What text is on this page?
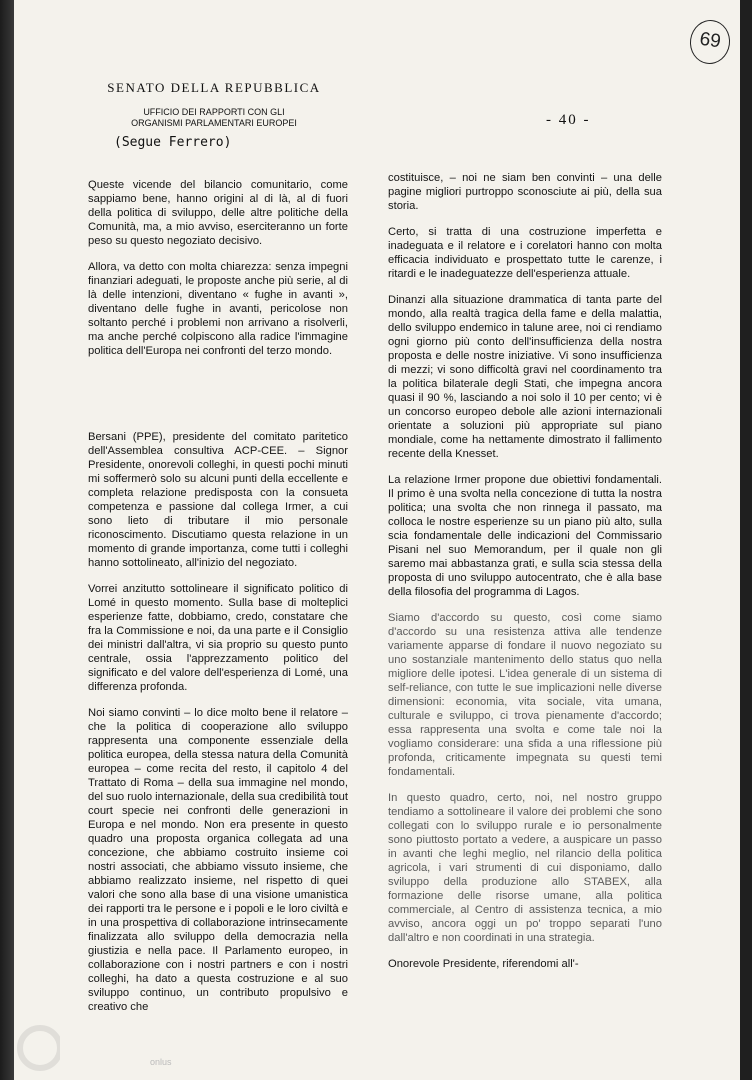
69
SENATO DELLA REPUBBLICA
UFFICIO DEI RAPPORTI CON GLI
ORGANISMI PARLAMENTARI EUROPEI
(Segue Ferrero)
- 40 -

Queste vicende del bilancio comunitario, come sappiamo bene, hanno origini al di là, al di fuori della politica di sviluppo, delle altre politiche della Comunità, ma, a mio avviso, eserciteranno un forte peso su questo negoziato decisivo.

Allora, va detto con molta chiarezza: senza impegni finanziari adeguati, le proposte anche più serie, al di là delle intenzioni, diventano « fughe in avanti », diventano delle fughe in avanti, pericolose non soltanto perché i problemi non arrivano a risolverli, ma anche perché colpiscono alla radice l'immagine politica dell'Europa nei confronti del terzo mondo.

Bersani (PPE), presidente del comitato paritetico dell'Assemblea consultiva ACP-CEE. – Signor Presidente, onorevoli colleghi, in questi pochi minuti mi soffermerò solo su alcuni punti della eccellente e completa relazione predisposta con la consueta competenza e passione dal collega Irmer, a cui sono lieto di tributare il mio personale riconoscimento. Discutiamo questa relazione in un momento di grande importanza, come tutti i colleghi hanno sottolineato, all'inizio del negoziato.

Vorrei anzitutto sottolineare il significato politico di Lomé in questo momento. Sulla base di molteplici esperienze fatte, dobbiamo, credo, constatare che fra la Commissione e noi, da una parte e il Consiglio dei ministri dall'altra, vi sia proprio su questo punto centrale, ossia l'apprezzamento politico del significato e del valore dell'esperienza di Lomé, una differenza profonda.

Noi siamo convinti – lo dice molto bene il relatore – che la politica di cooperazione allo sviluppo rappresenta una componente essenziale della politica europea, della stessa natura della Comunità europea – come recita del resto, il capitolo 4 del Trattato di Roma – della sua immagine nel mondo, del suo ruolo internazionale, della sua credibilità tout court specie nei confronti delle generazioni in Europa e nel mondo. Non era presente in questo quadro una proposta organica collegata ad una concezione, che abbiamo costruito insieme coi nostri associati, che abbiamo vissuto insieme, che abbiamo realizzato insieme, nel rispetto di quei valori che sono alla base di una visione umanistica dei rapporti tra le persone e i popoli e le loro civiltà e in una prospettiva di collaborazione intrinsecamente finalizzata allo sviluppo della democrazia nella giustizia e nella pace. Il Parlamento europeo, in collaborazione con i nostri partners e con i nostri colleghi, ha dato a questa costruzione e al suo sviluppo continuo, un contributo propulsivo e creativo che

costituisce, – noi ne siam ben convinti – una delle pagine migliori purtroppo sconosciute ai più, della sua storia.

Certo, si tratta di una costruzione imperfetta e inadeguata e il relatore e i corelatori hanno con molta efficacia individuato e prospettato tutte le carenze, i ritardi e le inadeguatezze dell'esperienza attuale.

Dinanzi alla situazione drammatica di tanta parte del mondo, alla realtà tragica della fame e della malattia, dello sviluppo endemico in talune aree, noi ci rendiamo ogni giorno più conto dell'insufficienza della nostra proposta e delle nostre iniziative. Vi sono insufficienza di mezzi; vi sono difficoltà gravi nel coordinamento tra la politica bilaterale degli Stati, che impegna ancora quasi il 90 %, lasciando a noi solo il 10 per cento; vi è un concorso europeo debole alle azioni internazionali orientate a soluzioni più appropriate sul piano mondiale, come ha nettamente dimostrato il fallimento recente della Knesset.

La relazione Irmer propone due obiettivi fondamentali. Il primo è una svolta nella concezione di tutta la nostra politica; una svolta che non rinnega il passato, ma colloca le nostre esperienze su un piano più alto, sulla scia fondamentale delle indicazioni del Commissario Pisani nel suo Memorandum, per il quale non gli saremo mai abbastanza grati, e sulla scia stessa della proposta di uno sviluppo autocentrato, che è alla base della filosofia del programma di Lagos.

Siamo d'accordo su questo, così come siamo d'accordo su una resistenza attiva alle tendenze variamente apparse di fondare il nuovo negoziato su uno sostanziale mantenimento dello status quo nella migliore delle ipotesi. L'idea generale di un sistema di self-reliance, con tutte le sue implicazioni nelle diverse dimensioni: economia, vita sociale, vita umana, culturale e sviluppo, ci trova pienamente d'accordo; essa rappresenta una svolta e come tale noi la vogliamo considerare: una sfida a una riflessione più profonda, criticamente impegnata su questi temi fondamentali.

In questo quadro, certo, noi, nel nostro gruppo tendiamo a sottolineare il valore dei problemi che sono collegati con lo sviluppo rurale e io personalmente sono piuttosto portato a vedere, a auspicare un passo in avanti che leghi meglio, nel rilancio della politica agricola, i vari strumenti di cui disponiamo, dallo sviluppo della produzione allo STABEX, alla formazione delle risorse umane, alla politica commerciale, al Centro di assistenza tecnica, a mio avviso, ancora oggi un po' troppo separati l'uno dall'altro e non coordinati in una strategia.

Onorevole Presidente, riferendomi all'-

onlus
